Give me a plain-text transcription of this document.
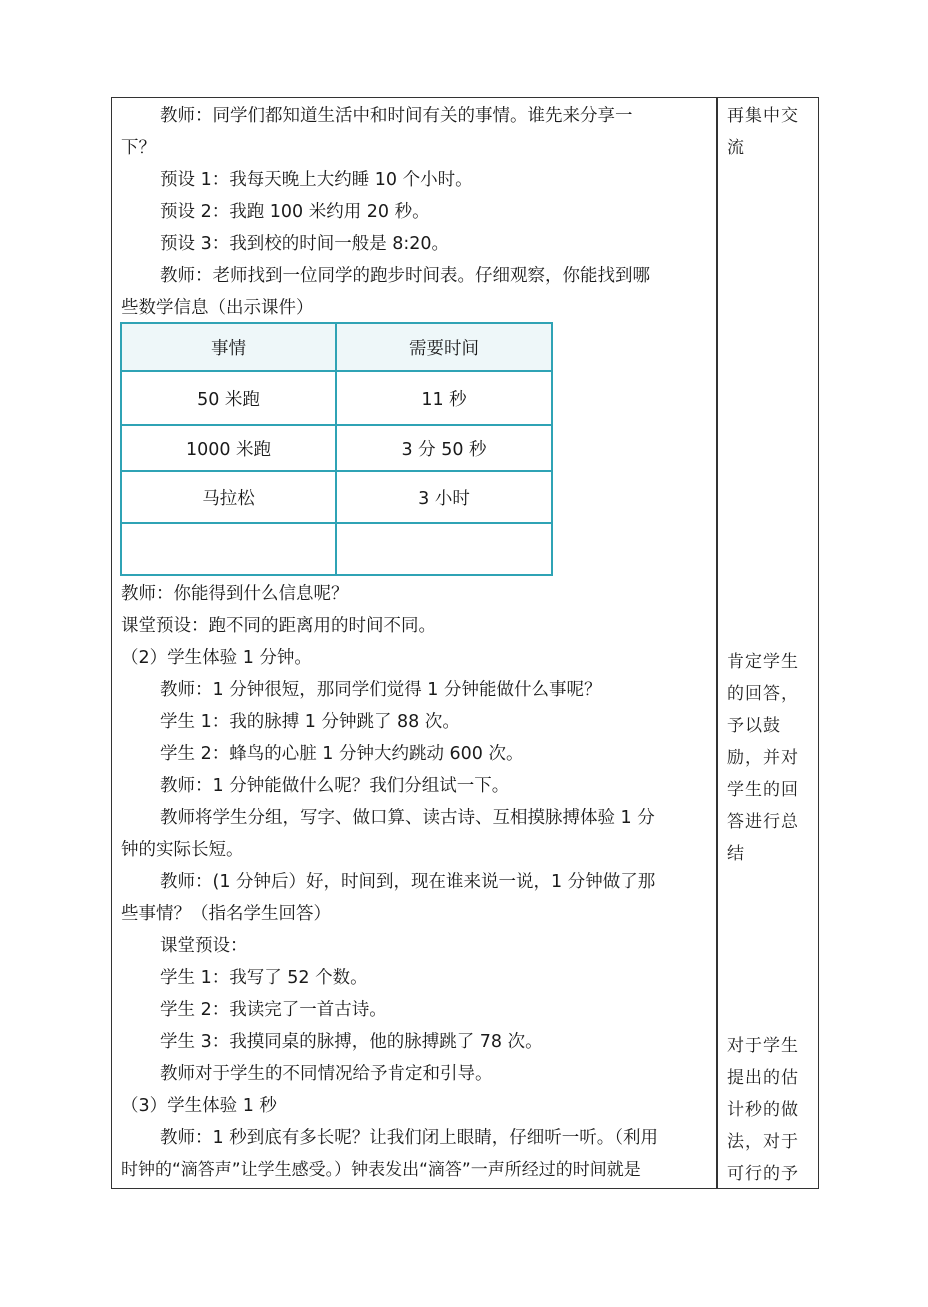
教师：同学们都知道生活中和时间有关的事情。谁先来分享一
下？
预设 1：我每天晚上大约睡 10 个小时。
预设 2：我跑 100 米约用 20 秒。
预设 3：我到校的时间一般是 8:20。
教师：老师找到一位同学的跑步时间表。仔细观察，你能找到哪
些数学信息（出示课件）
事情	需要时间
50 米跑	11 秒
1000 米跑	3 分 50 秒
马拉松	3 小时

教师：你能得到什么信息呢？
课堂预设：跑不同的距离用的时间不同。
（2）学生体验 1 分钟。
教师：1 分钟很短，那同学们觉得 1 分钟能做什么事呢？
学生 1：我的脉搏 1 分钟跳了 88 次。
学生 2：蜂鸟的心脏 1 分钟大约跳动 600 次。
教师：1 分钟能做什么呢？我们分组试一下。
教师将学生分组，写字、做口算、读古诗、互相摸脉搏体验 1 分
钟的实际长短。
教师：(1 分钟后）好，时间到，现在谁来说一说，1 分钟做了那
些事情？（指名学生回答）
课堂预设：
学生 1：我写了 52 个数。
学生 2：我读完了一首古诗。
学生 3：我摸同桌的脉搏，他的脉搏跳了 78 次。
教师对于学生的不同情况给予肯定和引导。
（3）学生体验 1 秒
教师：1 秒到底有多长呢？让我们闭上眼睛，仔细听一听。（利用
时钟的“滴答声”让学生感受。）钟表发出“滴答”一声所经过的时间就是
再集中交
流
肯定学生
的回答，
予以鼓
励，并对
学生的回
答进行总
结
对于学生
提出的估
计秒的做
法，对于
可行的予
